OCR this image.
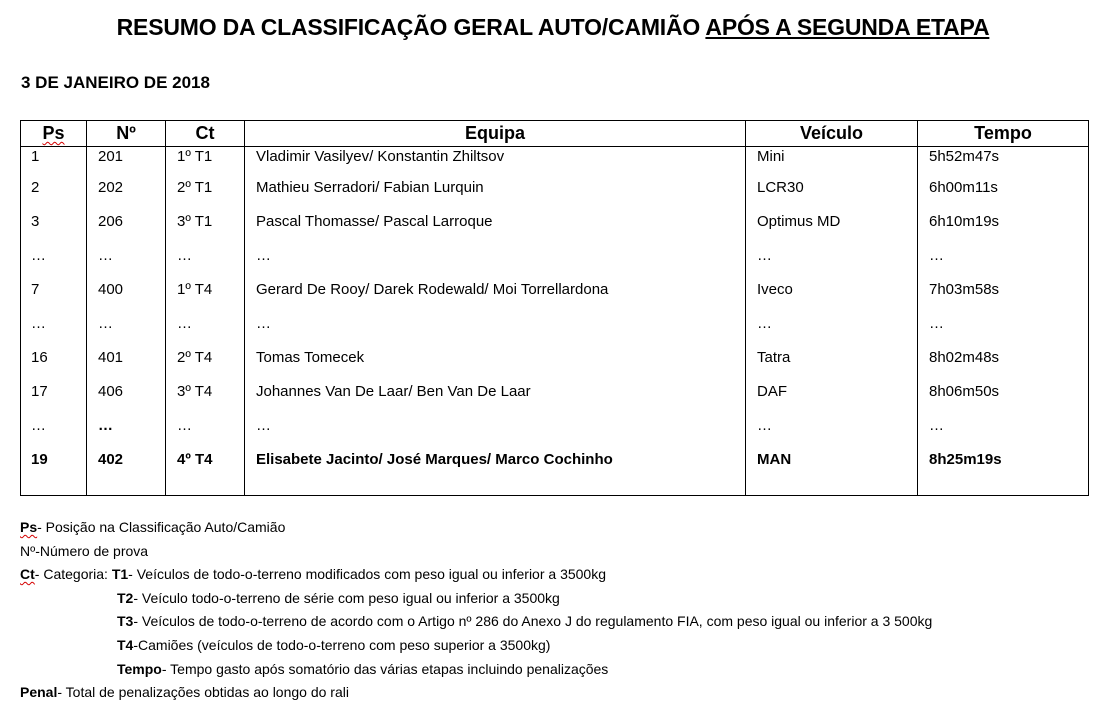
RESUMO DA CLASSIFICAÇÃO GERAL AUTO/CAMIÃO APÓS A SEGUNDA ETAPA
3 DE JANEIRO DE 2018
Ps	Nº	Ct	Equipa	Veículo	Tempo
1	201	1º T1	Vladimir Vasilyev/ Konstantin Zhiltsov	Mini	5h52m47s
2	202	2º T1	Mathieu Serradori/ Fabian Lurquin	LCR30	6h00m11s
3	206	3º T1	Pascal Thomasse/ Pascal Larroque	Optimus MD	6h10m19s
…	…	…	…	…	…
7	400	1º T4	Gerard De Rooy/ Darek Rodewald/ Moi Torrellardona	Iveco	7h03m58s
…	…	…	…	…	…
16	401	2º T4	Tomas Tomecek	Tatra	8h02m48s
17	406	3º T4	Johannes Van De Laar/ Ben Van De Laar	DAF	8h06m50s
…	…	…	…	…	…
19	402	4º T4	Elisabete Jacinto/ José Marques/ Marco Cochinho	MAN	8h25m19s
Ps- Posição na Classificação Auto/Camião
Nº-Número de prova
Ct- Categoria: T1- Veículos de todo-o-terreno modificados com peso igual ou inferior a 3500kg
T2- Veículo todo-o-terreno de série com peso igual ou inferior a 3500kg
T3- Veículos de todo-o-terreno de acordo com o Artigo nº 286 do Anexo J do regulamento FIA, com peso igual ou inferior a 3 500kg
T4-Camiões (veículos de todo-o-terreno com peso superior a 3500kg)
Tempo- Tempo gasto após somatório das várias etapas incluindo penalizações
Penal- Total de penalizações obtidas ao longo do rali
